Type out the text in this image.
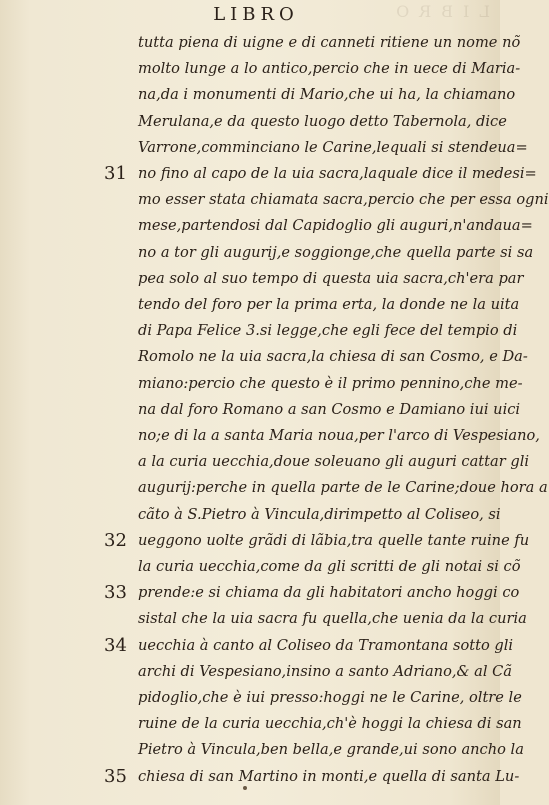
LIBRO
LIBRO
tutta piena di uigne e di canneti ritiene un nome nõ
molto lunge a lo antico,percio che in uece di Maria-
na,da i monumenti di Mario,che ui ha, la chiamano
Merulana,e da questo luogo detto Tabernola, dice
Varrone,comminciano le Carine,lequali si stendeua=
no fino al capo de la uia sacra,laquale dice il medesi=
mo esser stata chiamata sacra,percio che per essa ogni
mese,partendosi dal Capidoglio gli auguri,n'andaua=
no a tor gli augurij,e soggionge,che quella parte si sa
pea solo al suo tempo di questa uia sacra,ch'era par
tendo del foro per la prima erta, la donde ne la uita
di Papa Felice 3.si legge,che egli fece del tempio di
Romolo ne la uia sacra,la chiesa di san Cosmo, e Da-
miano:percio che questo è il primo pennino,che me-
na dal foro Romano a san Cosmo e Damiano iui uici
no;e di la a santa Maria noua,per l'arco di Vespesiano,
a la curia uecchia,doue soleuano gli auguri cattar gli
augurij:perche in quella parte de le Carine;doue hora a
cãto à S.Pietro à Vincula,dirimpetto al Coliseo, si
ueggono uolte grãdi di lãbia,tra quelle tante ruine fu
la curia uecchia,come da gli scritti de gli notai si cõ
prende:e si chiama da gli habitatori ancho hoggi co
sistal che la uia sacra fu quella,che uenia da la curia
uecchia à canto al Coliseo da Tramontana sotto gli
archi di Vespesiano,insino a santo Adriano,& al Cã
pidoglio,che è iui presso:hoggi ne le Carine, oltre le
ruine de la curia uecchia,ch'è hoggi la chiesa di san
Pietro à Vincula,ben bella,e grande,ui sono ancho la
chiesa di san Martino in monti,e quella di santa Lu-
31
32
33
34
35
